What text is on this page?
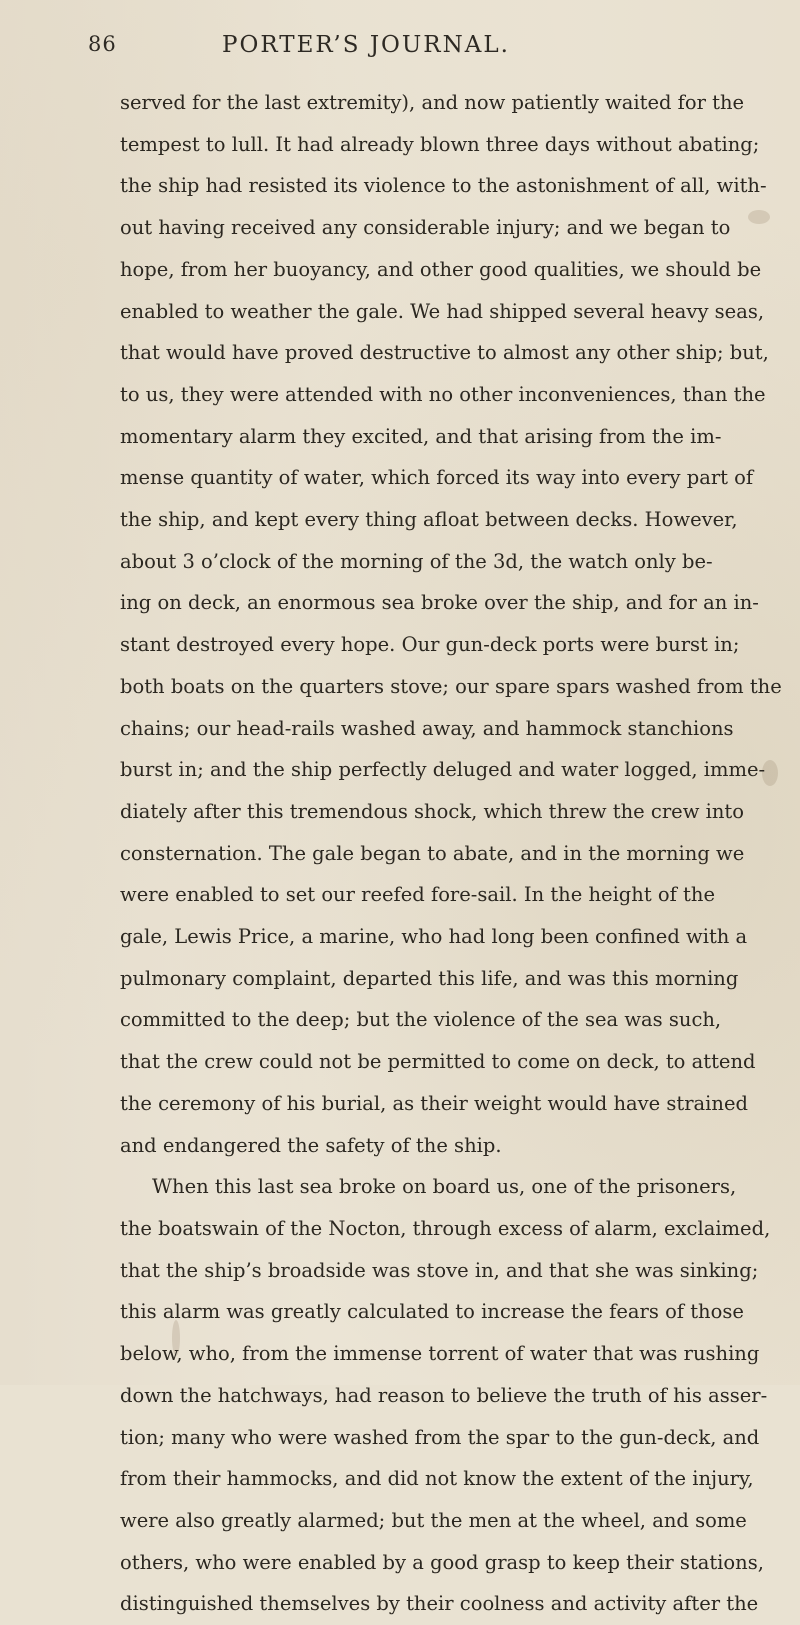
86	PORTER’S JOURNAL.
served for the last extremity), and now patiently waited for the
tempest to lull. It had already blown three days without abating;
the ship had resisted its violence to the astonishment of all, with-
out having received any considerable injury; and we began to
hope, from her buoyancy, and other good qualities, we should be
enabled to weather the gale. We had shipped several heavy seas,
that would have proved destructive to almost any other ship; but,
to us, they were attended with no other inconveniences, than the
momentary alarm they excited, and that arising from the im-
mense quantity of water, which forced its way into every part of
the ship, and kept every thing afloat between decks. However,
about 3 o’clock of the morning of the 3d, the watch only be-
ing on deck, an enormous sea broke over the ship, and for an in-
stant destroyed every hope. Our gun-deck ports were burst in;
both boats on the quarters stove; our spare spars washed from the
chains; our head-rails washed away, and hammock stanchions
burst in; and the ship perfectly deluged and water logged, imme-
diately after this tremendous shock, which threw the crew into
consternation. The gale began to abate, and in the morning we
were enabled to set our reefed fore-sail. In the height of the
gale, Lewis Price, a marine, who had long been confined with a
pulmonary complaint, departed this life, and was this morning
committed to the deep; but the violence of the sea was such,
that the crew could not be permitted to come on deck, to attend
the ceremony of his burial, as their weight would have strained
and endangered the safety of the ship.
When this last sea broke on board us, one of the prisoners,
the boatswain of the Nocton, through excess of alarm, exclaimed,
that the ship’s broadside was stove in, and that she was sinking;
this alarm was greatly calculated to increase the fears of those
below, who, from the immense torrent of water that was rushing
down the hatchways, had reason to believe the truth of his asser-
tion; many who were washed from the spar to the gun-deck, and
from their hammocks, and did not know the extent of the injury,
were also greatly alarmed; but the men at the wheel, and some
others, who were enabled by a good grasp to keep their stations,
distinguished themselves by their coolness and activity after the
